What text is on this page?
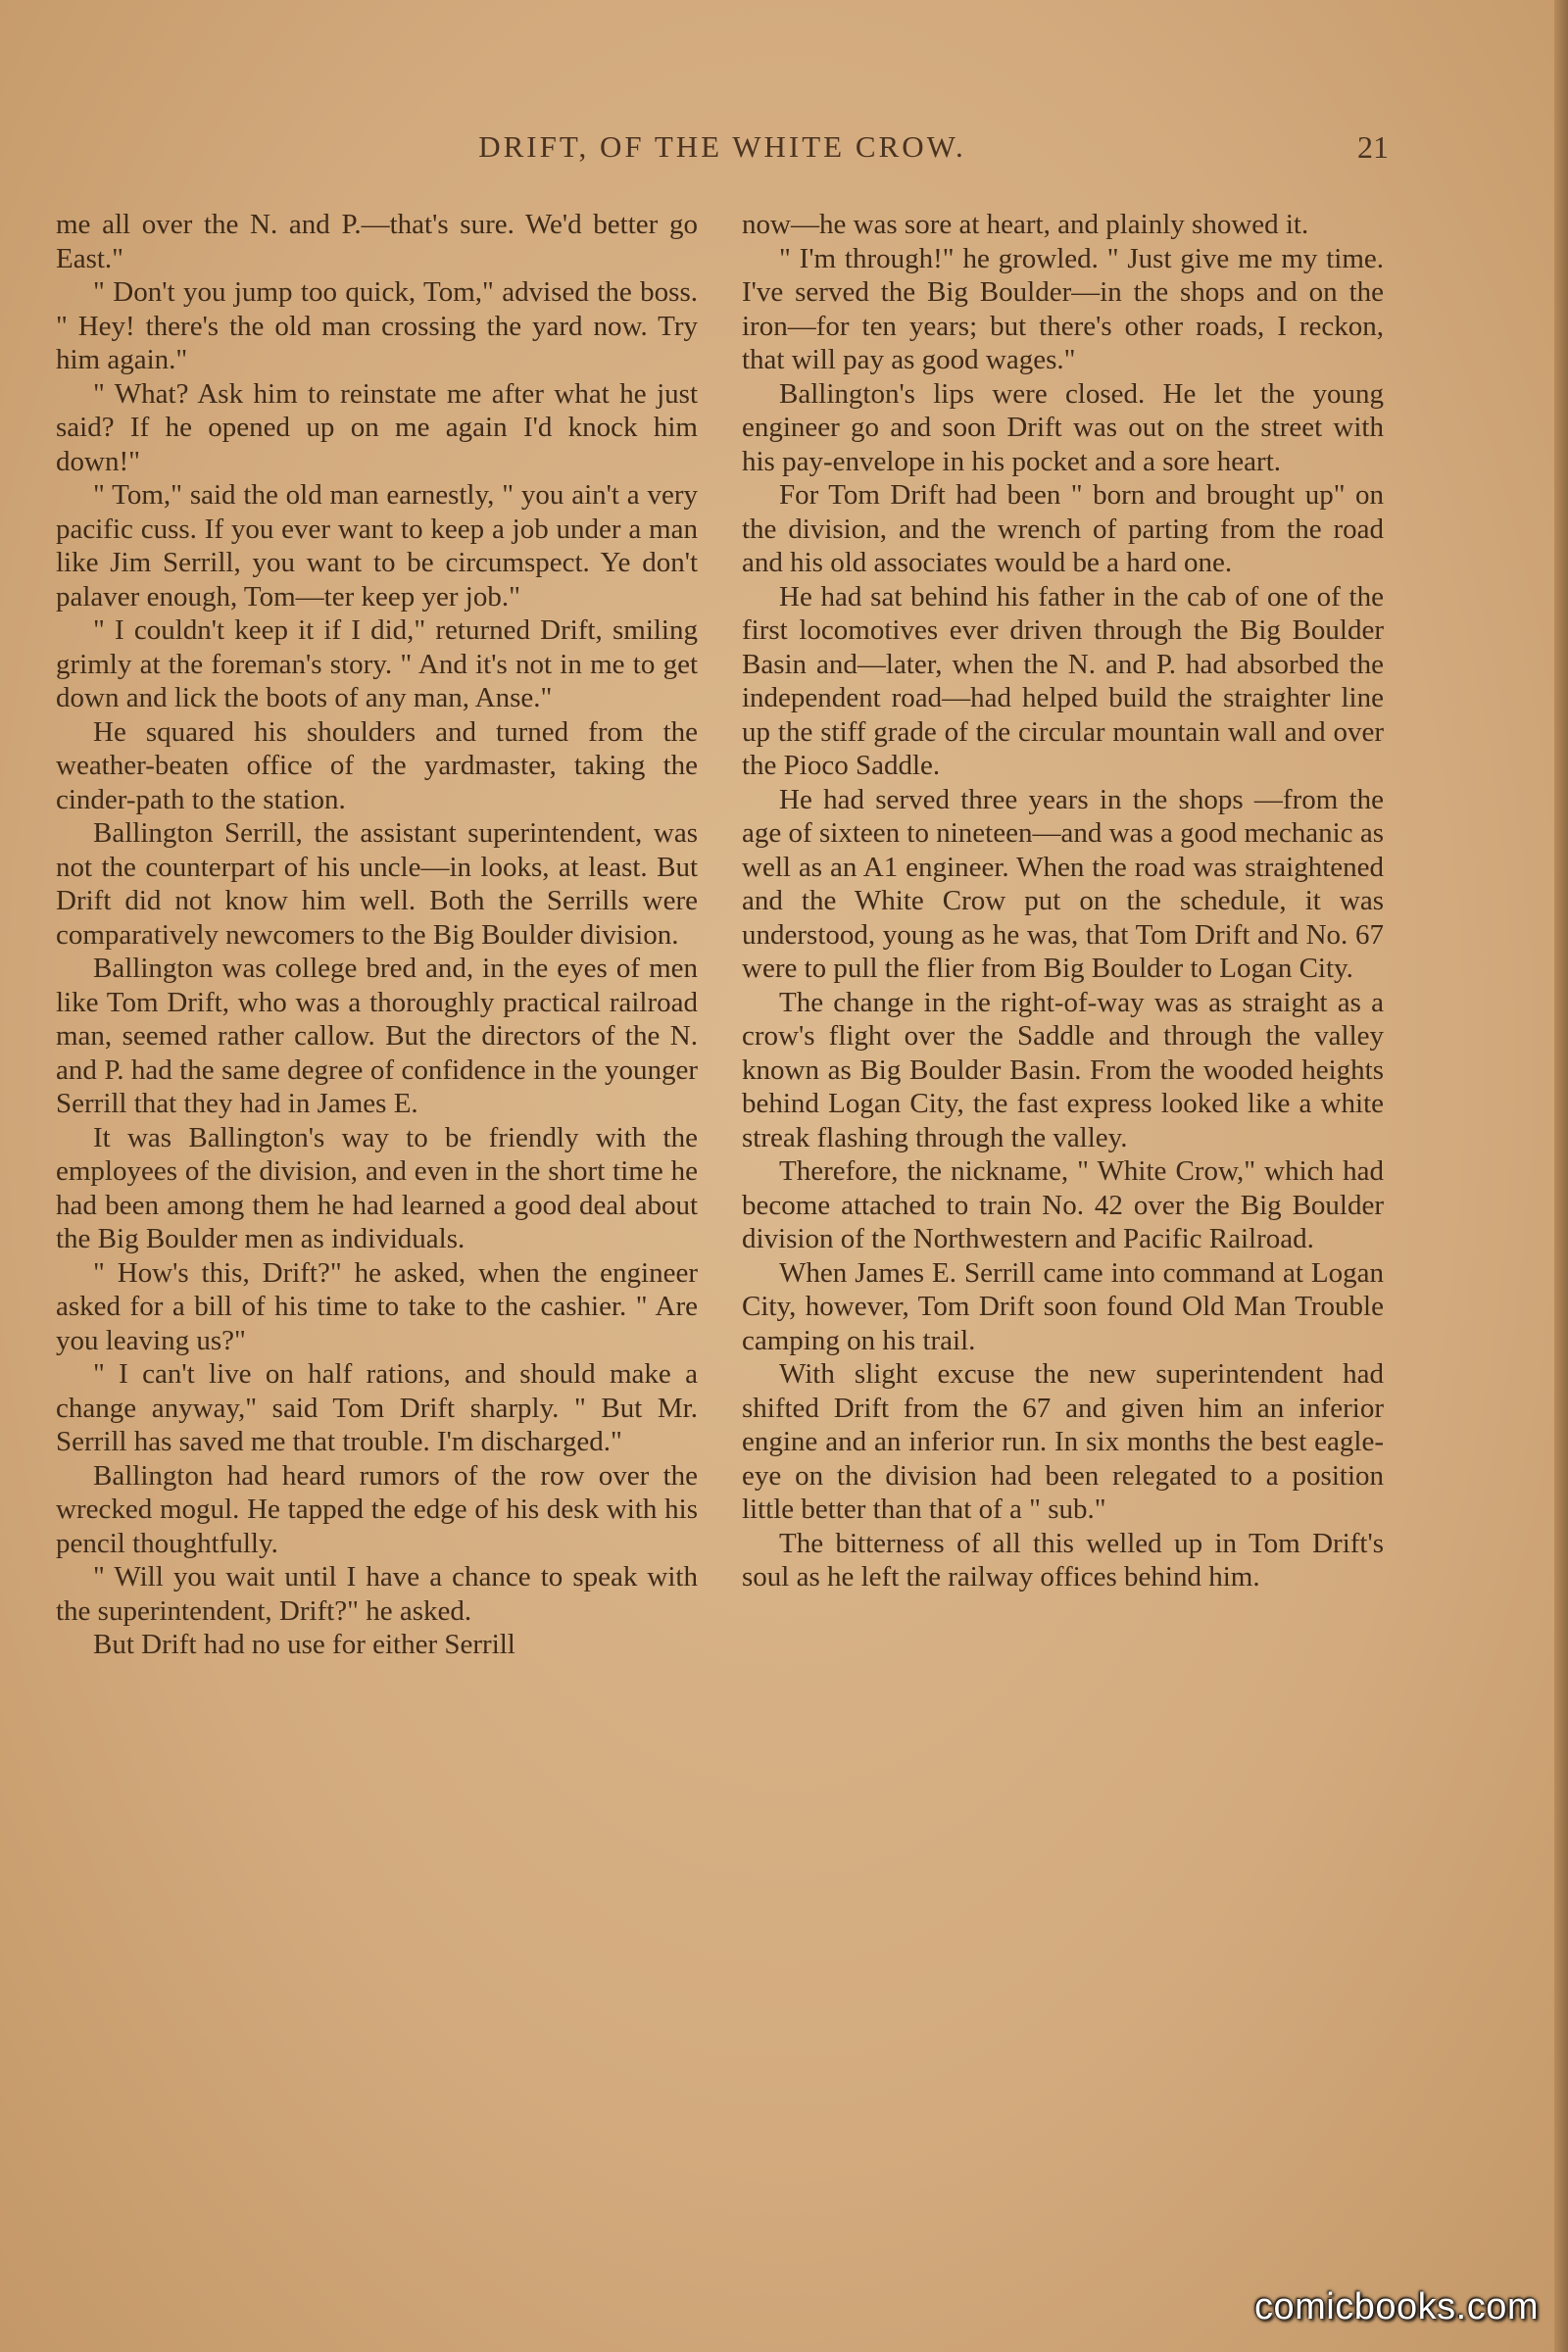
DRIFT, OF THE WHITE CROW.	21

me all over the N. and P.—that's sure. We'd better go East."

" Don't you jump too quick, Tom," advised the boss. " Hey! there's the old man crossing the yard now. Try him again."

" What? Ask him to reinstate me after what he just said? If he opened up on me again I'd knock him down!"

" Tom," said the old man earnestly, " you ain't a very pacific cuss. If you ever want to keep a job under a man like Jim Serrill, you want to be circumspect. Ye don't palaver enough, Tom—ter keep yer job."

" I couldn't keep it if I did," returned Drift, smiling grimly at the foreman's story. " And it's not in me to get down and lick the boots of any man, Anse."

He squared his shoulders and turned from the weather-beaten office of the yardmaster, taking the cinder-path to the station.

Ballington Serrill, the assistant superintendent, was not the counterpart of his uncle—in looks, at least. But Drift did not know him well. Both the Serrills were comparatively newcomers to the Big Boulder division.

Ballington was college bred and, in the eyes of men like Tom Drift, who was a thoroughly practical railroad man, seemed rather callow. But the directors of the N. and P. had the same degree of confidence in the younger Serrill that they had in James E.

It was Ballington's way to be friendly with the employees of the division, and even in the short time he had been among them he had learned a good deal about the Big Boulder men as individuals.

" How's this, Drift?" he asked, when the engineer asked for a bill of his time to take to the cashier. " Are you leaving us?"

" I can't live on half rations, and should make a change anyway," said Tom Drift sharply. " But Mr. Serrill has saved me that trouble. I'm discharged."

Ballington had heard rumors of the row over the wrecked mogul. He tapped the edge of his desk with his pencil thoughtfully.

" Will you wait until I have a chance to speak with the superintendent, Drift?" he asked.

But Drift had no use for either Serrill

now—he was sore at heart, and plainly showed it.

" I'm through!" he growled. " Just give me my time. I've served the Big Boulder—in the shops and on the iron—for ten years; but there's other roads, I reckon, that will pay as good wages."

Ballington's lips were closed. He let the young engineer go and soon Drift was out on the street with his pay-envelope in his pocket and a sore heart.

For Tom Drift had been " born and brought up" on the division, and the wrench of parting from the road and his old associates would be a hard one.

He had sat behind his father in the cab of one of the first locomotives ever driven through the Big Boulder Basin and—later, when the N. and P. had absorbed the independent road—had helped build the straighter line up the stiff grade of the circular mountain wall and over the Pioco Saddle.

He had served three years in the shops —from the age of sixteen to nineteen—and was a good mechanic as well as an A1 engineer. When the road was straightened and the White Crow put on the schedule, it was understood, young as he was, that Tom Drift and No. 67 were to pull the flier from Big Boulder to Logan City.

The change in the right-of-way was as straight as a crow's flight over the Saddle and through the valley known as Big Boulder Basin. From the wooded heights behind Logan City, the fast express looked like a white streak flashing through the valley.

Therefore, the nickname, " White Crow," which had become attached to train No. 42 over the Big Boulder division of the Northwestern and Pacific Railroad.

When James E. Serrill came into command at Logan City, however, Tom Drift soon found Old Man Trouble camping on his trail.

With slight excuse the new superintendent had shifted Drift from the 67 and given him an inferior engine and an inferior run. In six months the best eagle-eye on the division had been relegated to a position little better than that of a " sub."

The bitterness of all this welled up in Tom Drift's soul as he left the railway offices behind him.

comicbooks.com
